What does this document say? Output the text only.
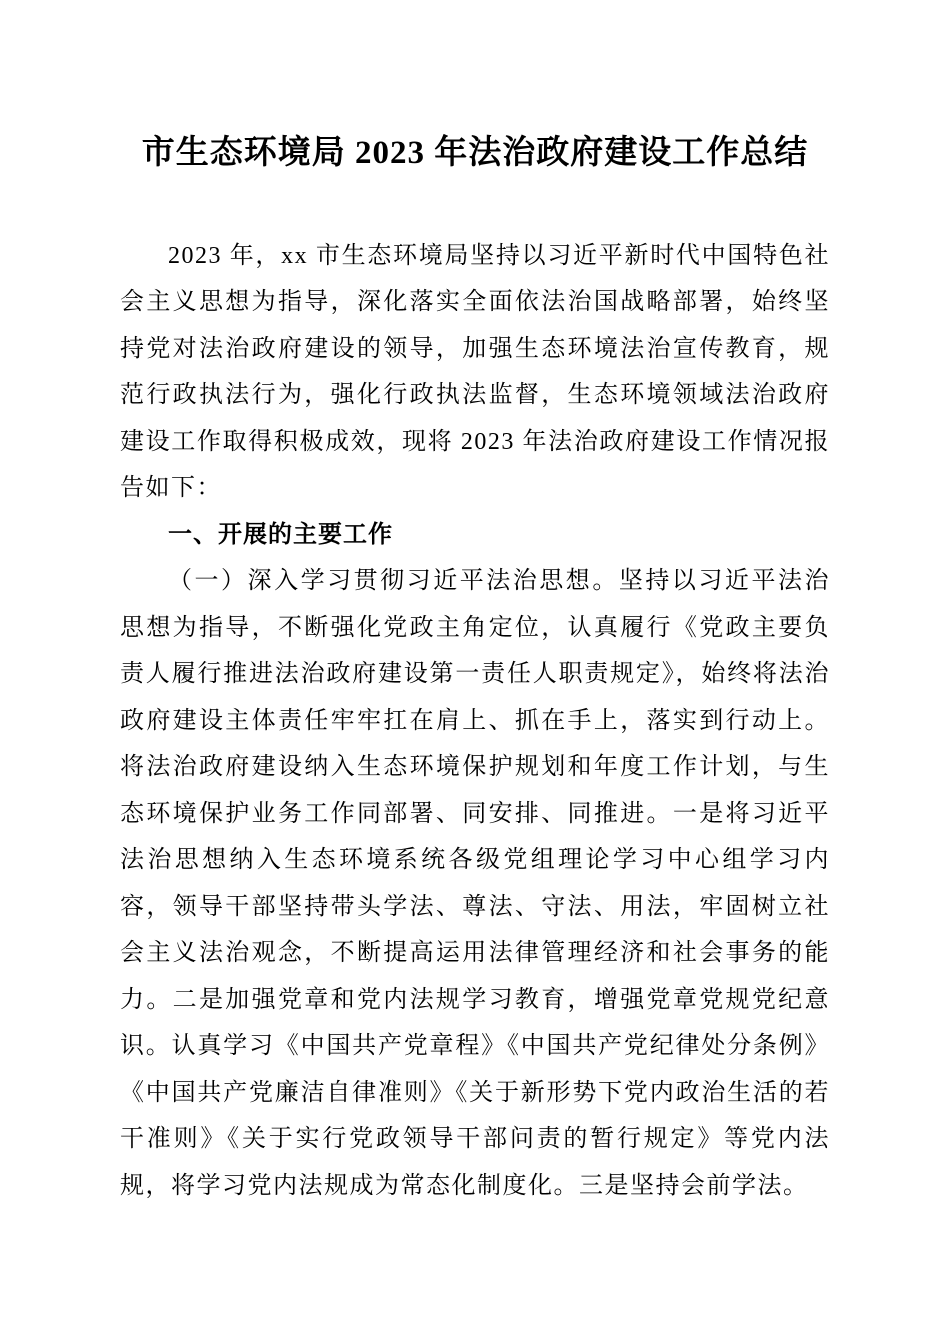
市生态环境局 2023 年法治政府建设工作总结

2023 年，xx 市生态环境局坚持以习近平新时代中国特色社会主义思想为指导，深化落实全面依法治国战略部署，始终坚持党对法治政府建设的领导，加强生态环境法治宣传教育，规范行政执法行为，强化行政执法监督，生态环境领域法治政府建设工作取得积极成效，现将 2023 年法治政府建设工作情况报告如下：

一、开展的主要工作

（一）深入学习贯彻习近平法治思想。坚持以习近平法治思想为指导，不断强化党政主角定位，认真履行《党政主要负责人履行推进法治政府建设第一责任人职责规定》，始终将法治政府建设主体责任牢牢扛在肩上、抓在手上，落实到行动上。将法治政府建设纳入生态环境保护规划和年度工作计划，与生态环境保护业务工作同部署、同安排、同推进。一是将习近平法治思想纳入生态环境系统各级党组理论学习中心组学习内容，领导干部坚持带头学法、尊法、守法、用法，牢固树立社会主义法治观念，不断提高运用法律管理经济和社会事务的能力。二是加强党章和党内法规学习教育，增强党章党规党纪意识。认真学习《中国共产党章程》《中国共产党纪律处分条例》《中国共产党廉洁自律准则》《关于新形势下党内政治生活的若干准则》《关于实行党政领导干部问责的暂行规定》等党内法规，将学习党内法规成为常态化制度化。三是坚持会前学法。
